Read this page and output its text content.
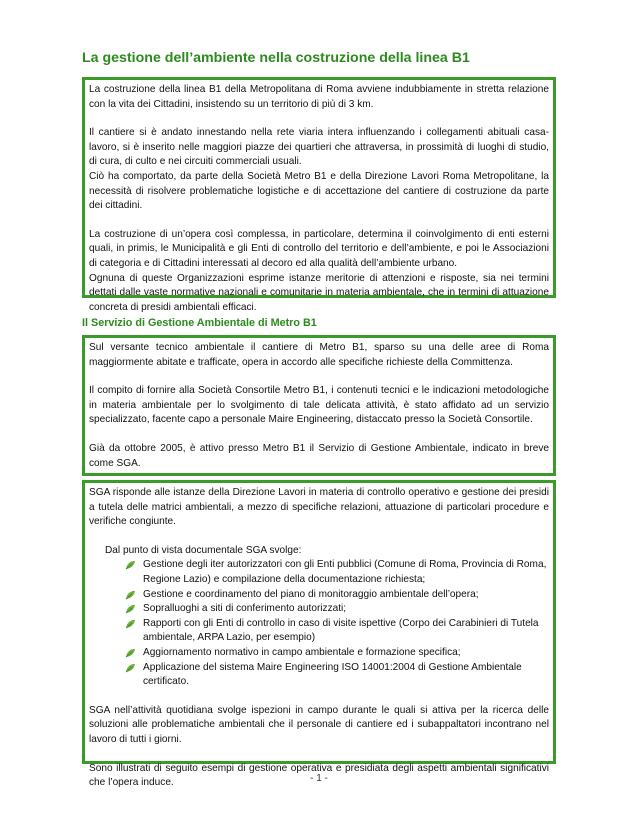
La gestione dell’ambiente nella costruzione della linea B1

La costruzione della linea B1 della Metropolitana di Roma avviene indubbiamente in stretta relazione con la vita dei Cittadini, insistendo su un territorio di più di 3 km.

Il cantiere si è andato innestando nella rete viaria intera influenzando i collegamenti abituali casa-lavoro, si è inserito nelle maggiori piazze dei quartieri che attraversa, in prossimità di luoghi di studio, di cura, di culto e nei circuiti commerciali usuali.

Ciò ha comportato, da parte della Società Metro B1 e della Direzione Lavori Roma Metropolitane, la necessità di risolvere problematiche logistiche e di accettazione del cantiere di costruzione da parte dei cittadini.

La costruzione di un’opera così complessa, in particolare, determina il coinvolgimento di enti esterni quali, in primis, le Municipalità e gli Enti di controllo del territorio e dell’ambiente, e poi le Associazioni di categoria e di Cittadini interessati al decoro ed alla qualità dell’ambiente urbano.

Ognuna di queste Organizzazioni esprime istanze meritorie di attenzioni e risposte, sia nei termini dettati dalle vaste normative nazionali e comunitarie in materia ambientale, che in termini di attuazione concreta di presidi ambientali efficaci.

Il Servizio di Gestione Ambientale di Metro B1

Sul versante tecnico ambientale il cantiere di Metro B1, sparso su una delle aree di Roma maggiormente abitate e trafficate, opera in accordo alle specifiche richieste della Committenza.

Il compito di fornire alla Società Consortile Metro B1, i contenuti tecnici e le indicazioni metodologiche in materia ambientale per lo svolgimento di tale delicata attività, è stato affidato ad un servizio specializzato, facente capo a personale Maire Engineering, distaccato presso la Società Consortile.

Già da ottobre 2005, è attivo presso Metro B1 il Servizio di Gestione Ambientale, indicato in breve come SGA.

SGA risponde alle istanze della Direzione Lavori in materia di controllo operativo e gestione dei presidi a tutela delle matrici ambientali, a mezzo di specifiche relazioni, attuazione di particolari procedure e verifiche congiunte.

Dal punto di vista documentale SGA svolge:

Gestione degli iter autorizzatori con gli Enti pubblici (Comune di Roma, Provincia di Roma, Regione Lazio) e compilazione della documentazione richiesta;
Gestione e coordinamento del piano di monitoraggio ambientale dell’opera;
Sopralluoghi a siti di conferimento autorizzati;
Rapporti con gli Enti di controllo in caso di visite ispettive (Corpo dei Carabinieri di Tutela ambientale, ARPA Lazio, per esempio)
Aggiornamento normativo in campo ambientale e formazione specifica;
Applicazione del sistema Maire Engineering ISO 14001:2004 di Gestione Ambientale certificato.

SGA nell’attività quotidiana svolge ispezioni in campo durante le quali si attiva per la ricerca delle soluzioni alle problematiche ambientali che il personale di cantiere ed i subappaltatori incontrano nel lavoro di tutti i giorni.

Sono illustrati di seguito esempi di gestione operativa e presidiata degli aspetti ambientali significativi che l’opera induce.	- 1 -
